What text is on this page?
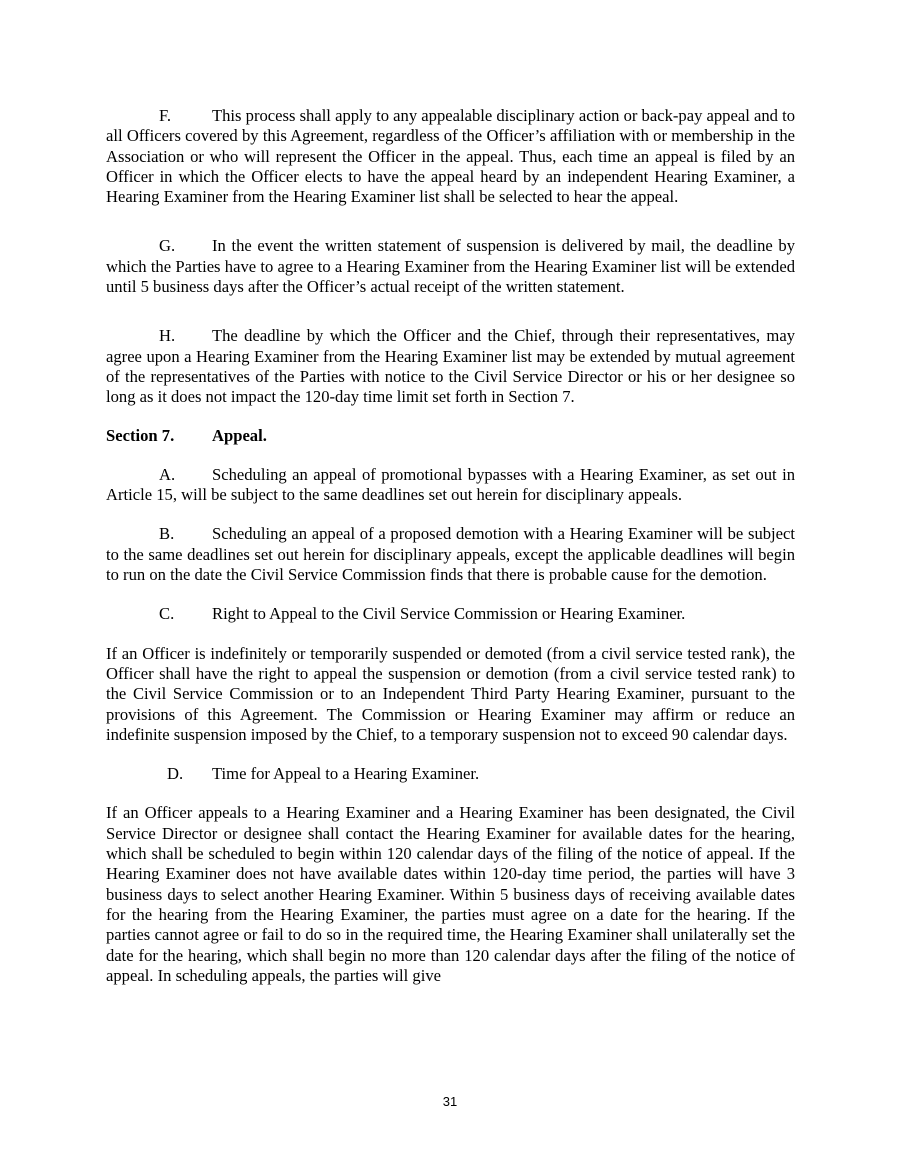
F. This process shall apply to any appealable disciplinary action or back-pay appeal and to all Officers covered by this Agreement, regardless of the Officer’s affiliation with or membership in the Association or who will represent the Officer in the appeal. Thus, each time an appeal is filed by an Officer in which the Officer elects to have the appeal heard by an independent Hearing Examiner, a Hearing Examiner from the Hearing Examiner list shall be selected to hear the appeal.

G. In the event the written statement of suspension is delivered by mail, the deadline by which the Parties have to agree to a Hearing Examiner from the Hearing Examiner list will be extended until 5 business days after the Officer’s actual receipt of the written statement.

H. The deadline by which the Officer and the Chief, through their representatives, may agree upon a Hearing Examiner from the Hearing Examiner list may be extended by mutual agreement of the representatives of the Parties with notice to the Civil Service Director or his or her designee so long as it does not impact the 120-day time limit set forth in Section 7.

Section 7. Appeal.

A. Scheduling an appeal of promotional bypasses with a Hearing Examiner, as set out in Article 15, will be subject to the same deadlines set out herein for disciplinary appeals.

B. Scheduling an appeal of a proposed demotion with a Hearing Examiner will be subject to the same deadlines set out herein for disciplinary appeals, except the applicable deadlines will begin to run on the date the Civil Service Commission finds that there is probable cause for the demotion.

C. Right to Appeal to the Civil Service Commission or Hearing Examiner.

If an Officer is indefinitely or temporarily suspended or demoted (from a civil service tested rank), the Officer shall have the right to appeal the suspension or demotion (from a civil service tested rank) to the Civil Service Commission or to an Independent Third Party Hearing Examiner, pursuant to the provisions of this Agreement. The Commission or Hearing Examiner may affirm or reduce an indefinite suspension imposed by the Chief, to a temporary suspension not to exceed 90 calendar days.

D. Time for Appeal to a Hearing Examiner.

If an Officer appeals to a Hearing Examiner and a Hearing Examiner has been designated, the Civil Service Director or designee shall contact the Hearing Examiner for available dates for the hearing, which shall be scheduled to begin within 120 calendar days of the filing of the notice of appeal. If the Hearing Examiner does not have available dates within 120-day time period, the parties will have 3 business days to select another Hearing Examiner. Within 5 business days of receiving available dates for the hearing from the Hearing Examiner, the parties must agree on a date for the hearing. If the parties cannot agree or fail to do so in the required time, the Hearing Examiner shall unilaterally set the date for the hearing, which shall begin no more than 120 calendar days after the filing of the notice of appeal. In scheduling appeals, the parties will give

31
